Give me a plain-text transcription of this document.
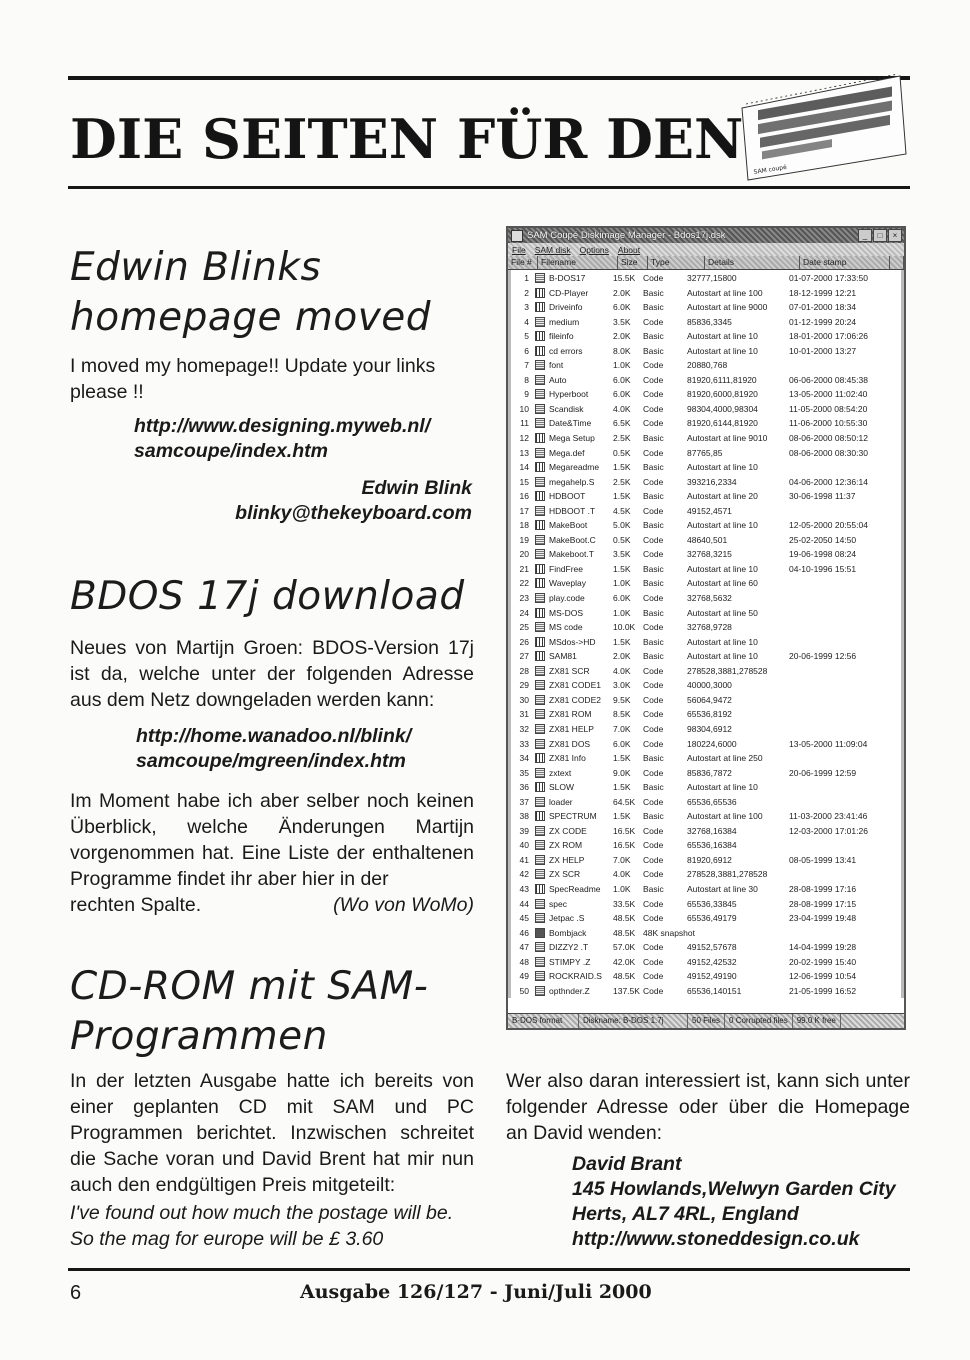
DIE SEITEN FÜR DEN SAM coupé
Edwin Blinks
homepage moved

I moved my homepage!! Update your links please !!

http://www.designing.myweb.nl/
samcoupe/index.htm
Edwin Blink
blinky@thekeyboard.com
BDOS 17j download

Neues von Martijn Groen: BDOS-Version 17j ist da, welche unter der folgenden Adresse aus dem Netz downgeladen werden kann:

http://home.wanadoo.nl/blink/
samcoupe/mgreen/index.htm

Im Moment habe ich aber selber noch keinen Überblick, welche Änderungen Martijn vorgenommen hat. Eine Liste der enthaltenen Programme findet ihr aber hier in der

rechten Spalte.	(Wo von WoMo)
SAM Coupé Diskimage Manager - Bdos17j.dsk	_	□	×
File SAM disk Options About
File #	Filename	Size	Type	Details	Date stamp
1 B-DOS17	15.5K Code	32777,15800	01-07-2000 17:33:50
2 CD-Player	2.0K	Basic	Autostart at line 100	18-12-1999 12:21
3 Driveinfo	6.0K	Basic	Autostart at line 9000	07-01-2000 18:34
4 medium	3.5K	Code	85836,3345	01-12-1999 20:24
5 fileinfo	2.0K	Basic	Autostart at line 10	18-01-2000 17:06:26
6 cd errors	8.0K	Basic	Autostart at line 10	10-01-2000 13:27
7 font	1.0K	Code	20880,768
8 Auto	6.0K	Code	81920,6111,81920	06-06-2000 08:45:38
9 Hyperboot	6.0K	Code	81920,6000,81920	13-05-2000 11:02:40
10 Scandisk	4.0K	Code	98304,4000,98304	11-05-2000 08:54:20
11 Date&Time	6.5K	Code	81920,6144,81920	11-06-2000 10:55:30
12 Mega Setup	2.5K	Basic	Autostart at line 9010	08-06-2000 08:50:12
13 Mega.def	0.5K	Code	87765,85	08-06-2000 08:30:30
14 Megareadme	1.5K	Basic	Autostart at line 10
15 megahelp.S	2.5K	Code	393216,2334	04-06-2000 12:36:14
16 HDBOOT	1.5K	Basic	Autostart at line 20	30-06-1998 11:37
17 HDBOOT .T	4.5K	Code	49152,4571
18 MakeBoot	5.0K	Basic	Autostart at line 10	12-05-2000 20:55:04
19 MakeBoot.C	0.5K	Code	48640,501	25-02-2050 14:50
20 Makeboot.T	3.5K	Code	32768,3215	19-06-1998 08:24
21 FindFree	1.5K	Basic	Autostart at line 10	04-10-1996 15:51
22 Waveplay	1.0K	Basic	Autostart at line 60
23 play.code	6.0K	Code	32768,5632
24 MS-DOS	1.0K	Basic	Autostart at line 50
25 MS code	10.0K Code	32768,9728
26 MSdos->HD	1.5K	Basic	Autostart at line 10
27 SAM81	2.0K	Basic	Autostart at line 10	20-06-1999 12:56
28 ZX81 SCR	4.0K	Code	278528,3881,278528
29 ZX81 CODE1	3.0K	Code	40000,3000
30 ZX81 CODE2	9.5K	Code	56064,9472
31 ZX81 ROM	8.5K	Code	65536,8192
32 ZX81 HELP	7.0K	Code	98304,6912
33 ZX81 DOS	6.0K	Code	180224,6000	13-05-2000 11:09:04
34 ZX81 Info	1.5K	Basic	Autostart at line 250
35 zxtext	9.0K	Code	85836,7872	20-06-1999 12:59
36 SLOW	1.5K	Basic	Autostart at line 10
37 loader	64.5K Code	65536,65536
38 SPECTRUM	1.5K	Basic	Autostart at line 100	11-03-2000 23:41:46
39 ZX CODE	16.5K Code	32768,16384	12-03-2000 17:01:26
40 ZX ROM	16.5K Code	65536,16384
41 ZX HELP	7.0K	Code	81920,6912	08-05-1999 13:41
42 ZX SCR	4.0K	Code	278528,3881,278528
43 SpecReadme	1.0K	Basic	Autostart at line 30	28-08-1999 17:16
44 spec	33.5K Code	65536,33845	28-08-1999 17:15
45 Jetpac .S	48.5K Code	65536,49179	23-04-1999 19:48
46 Bombjack	48.5K 48K snapshot
47 DIZZY2 .T	57.0K Code	49152,57678	14-04-1999 19:28
48 STIMPY .Z	42.0K Code	49152,42532	20-02-1999 15:40
49 ROCKRAID.S	48.5K Code	49152,49190	12-06-1999 10:54
50 opthnder.Z	137.5K Code	65536,140151	21-05-1999 16:52
B-DOS format	Diskname: B-DOS 1.7j	50 Files	0 Corrupted files	99.0 K free
CD-ROM mit SAM-
Programmen

In der letzten Ausgabe hatte ich bereits von einer geplanten CD mit SAM und PC Programmen berichtet. Inzwischen schreitet die Sache voran und David Brent hat mir nun auch den endgültigen Preis mitgeteilt:

I've found out how much the postage will be. So the mag for europe will be £ 3.60

Wer also daran interessiert ist, kann sich unter folgender Adresse oder über die Homepage an David wenden:

David Brant
145 Howlands,Welwyn Garden City
Herts, AL7 4RL, England
http://www.stoneddesign.co.uk
6	Ausgabe 126/127 - Juni/Juli 2000
